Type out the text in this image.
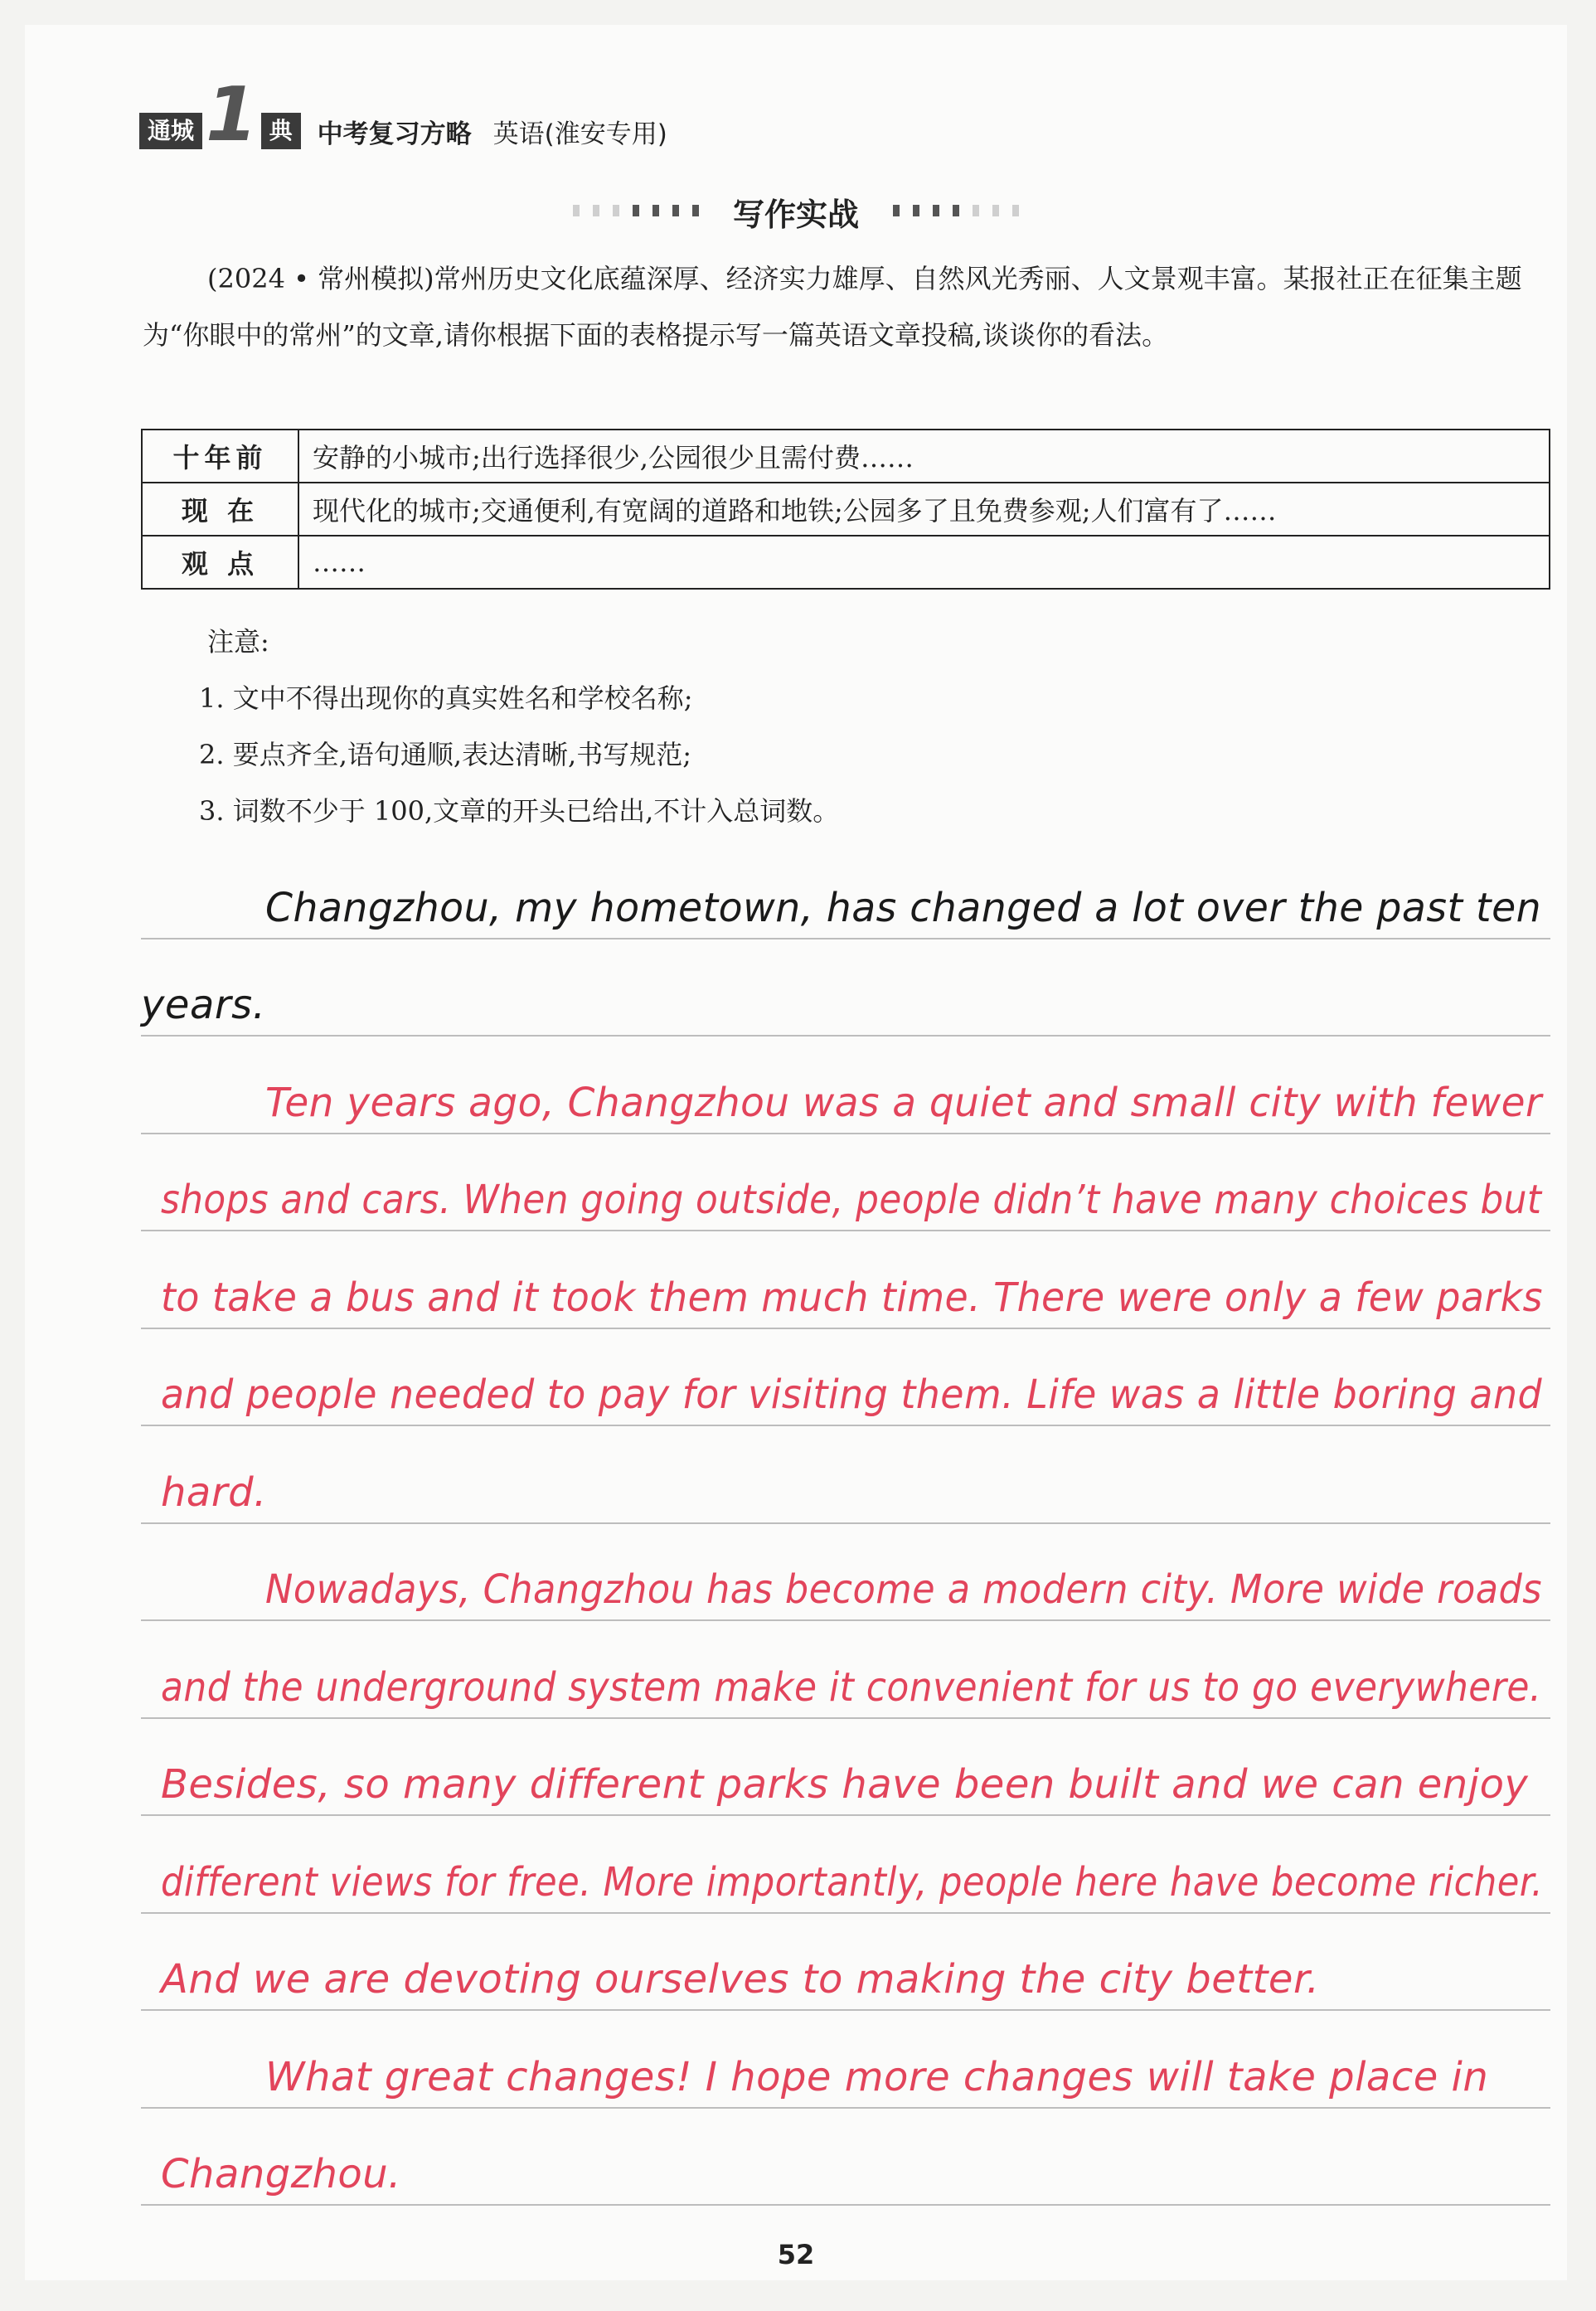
通城 1 典 中考复习方略 英语(淮安专用)
写作实战
(2024 • 常州模拟)常州历史文化底蕴深厚、经济实力雄厚、自然风光秀丽、人文景观丰富。某报社正在征集主题为“你眼中的常州”的文章,请你根据下面的表格提示写一篇英语文章投稿,谈谈你的看法。
十年前	安静的小城市;出行选择很少,公园很少且需付费……
现 在	现代化的城市;交通便利,有宽阔的道路和地铁;公园多了且免费参观;人们富有了……
观 点	……
注意:
1. 文中不得出现你的真实姓名和学校名称;
2. 要点齐全,语句通顺,表达清晰,书写规范;
3. 词数不少于 100,文章的开头已给出,不计入总词数。
Changzhou, my hometown, has changed a lot over the past ten
years.
Ten years ago, Changzhou was a quiet and small city with fewer
shops and cars. When going outside, people didn’t have many choices but
to take a bus and it took them much time. There were only a few parks
and people needed to pay for visiting them. Life was a little boring and
hard.
Nowadays, Changzhou has become a modern city. More wide roads
and the underground system make it convenient for us to go everywhere.
Besides, so many different parks have been built and we can enjoy
different views for free. More importantly, people here have become richer.
And we are devoting ourselves to making the city better.
What great changes! I hope more changes will take place in
Changzhou.
52
